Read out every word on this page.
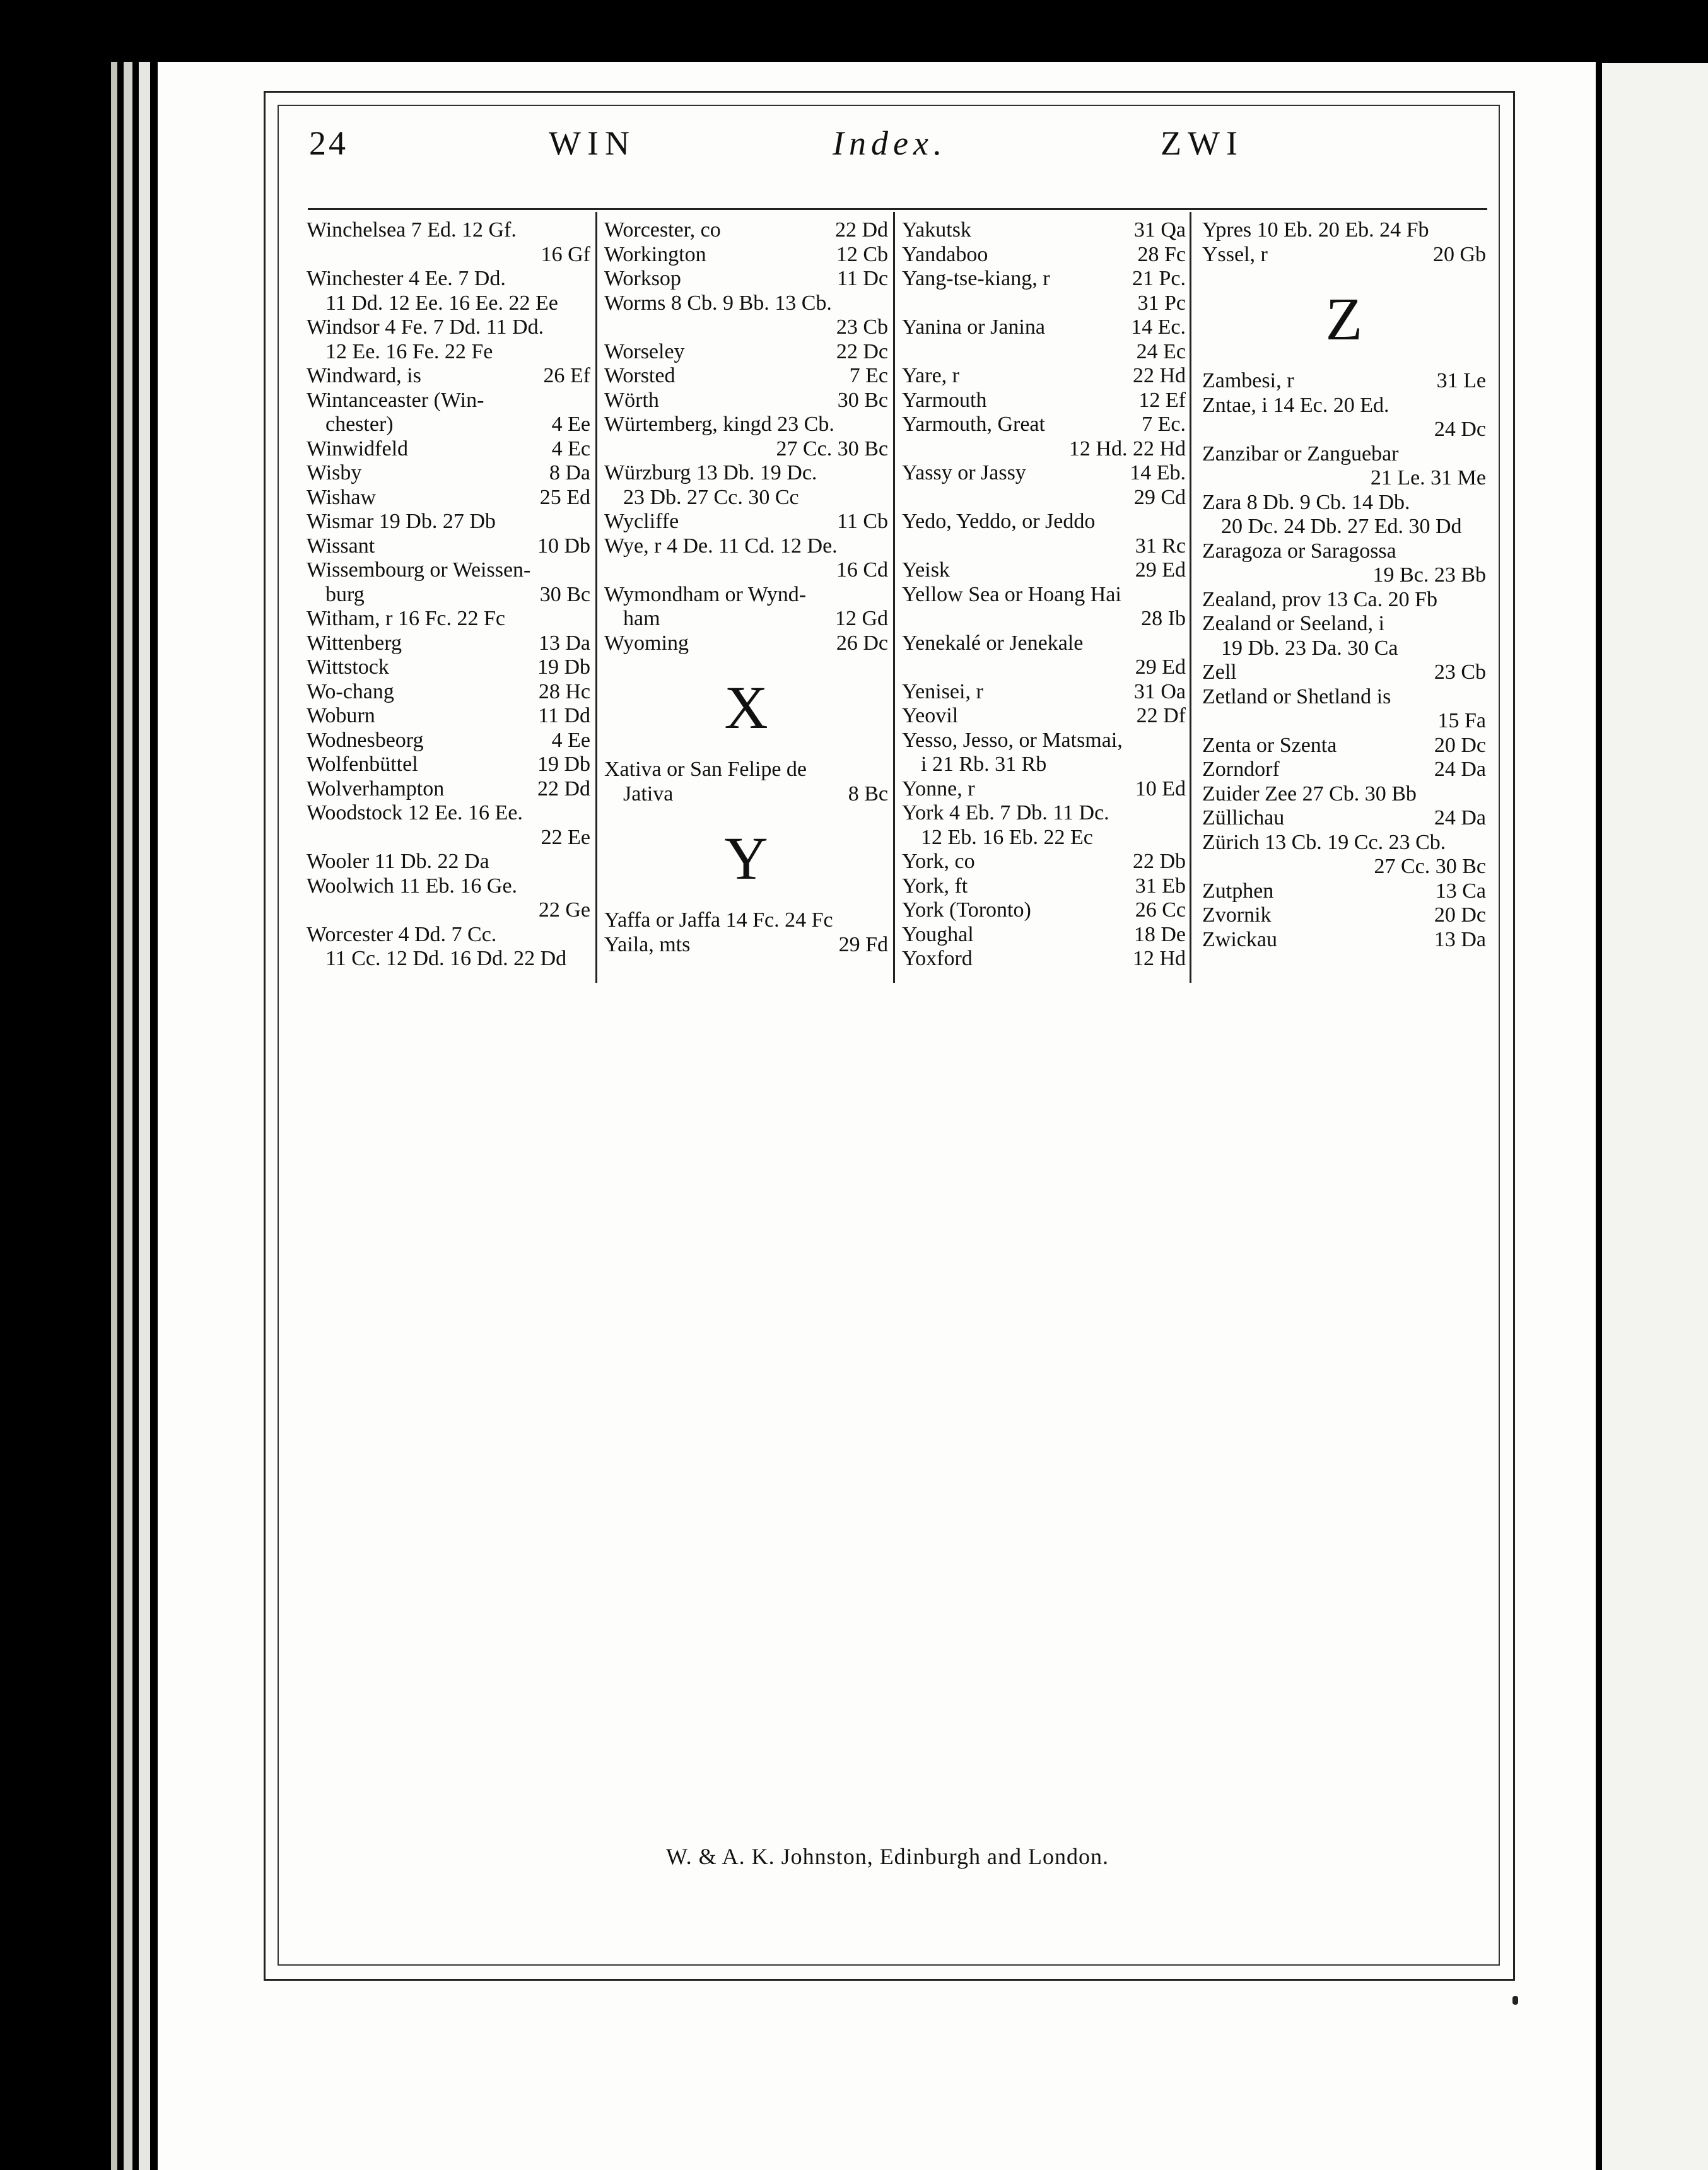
24	WIN	Index.	ZWI
Winchelsea 7 Ed. 12 Gf.
16 Gf
Winchester 4 Ee. 7 Dd.
11 Dd. 12 Ee. 16 Ee. 22 Ee
Windsor 4 Fe. 7 Dd. 11 Dd.
12 Ee. 16 Fe. 22 Fe
Windward, is	26 Ef
Wintanceaster (Win-
chester)	4 Ee
Winwidfeld	4 Ec
Wisby	8 Da
Wishaw	25 Ed
Wismar 19 Db. 27 Db
Wissant	10 Db
Wissembourg or Weissen-
burg	30 Bc
Witham, r 16 Fc. 22 Fc
Wittenberg	13 Da
Wittstock	19 Db
Wo-chang	28 Hc
Woburn	11 Dd
Wodnesbeorg	4 Ee
Wolfenbüttel	19 Db
Wolverhampton	22 Dd
Woodstock 12 Ee. 16 Ee.
22 Ee
Wooler 11 Db. 22 Da
Woolwich 11 Eb. 16 Ge.
22 Ge
Worcester 4 Dd. 7 Cc.
11 Cc. 12 Dd. 16 Dd. 22 Dd
Worcester, co	22 Dd
Workington	12 Cb
Worksop	11 Dc
Worms 8 Cb. 9 Bb. 13 Cb.
23 Cb
Worseley	22 Dc
Worsted	7 Ec
Wörth	30 Bc
Würtemberg, kingd 23 Cb.
27 Cc. 30 Bc
Würzburg 13 Db. 19 Dc.
23 Db. 27 Cc. 30 Cc
Wycliffe	11 Cb
Wye, r 4 De. 11 Cd. 12 De.
16 Cd
Wymondham or Wynd-
ham	12 Gd
Wyoming	26 Dc
X
Xativa or San Felipe de
Jativa	8 Bc
Y
Yaffa or Jaffa 14 Fc. 24 Fc
Yaila, mts	29 Fd
Yakutsk	31 Qa
Yandaboo	28 Fc
Yang-tse-kiang, r	21 Pc.
31 Pc
Yanina or Janina	14 Ec.
24 Ec
Yare, r	22 Hd
Yarmouth	12 Ef
Yarmouth, Great	7 Ec.
12 Hd. 22 Hd
Yassy or Jassy	14 Eb.
29 Cd
Yedo, Yeddo, or Jeddo
31 Rc
Yeisk	29 Ed
Yellow Sea or Hoang Hai
28 Ib
Yenekalé or Jenekale
29 Ed
Yenisei, r	31 Oa
Yeovil	22 Df
Yesso, Jesso, or Matsmai,
i 21 Rb. 31 Rb
Yonne, r	10 Ed
York 4 Eb. 7 Db. 11 Dc.
12 Eb. 16 Eb. 22 Ec
York, co	22 Db
York, ft	31 Eb
York (Toronto)	26 Cc
Youghal	18 De
Yoxford	12 Hd
Ypres 10 Eb. 20 Eb. 24 Fb
Yssel, r	20 Gb
Z
Zambesi, r	31 Le
Zntae, i 14 Ec. 20 Ed.
24 Dc
Zanzibar or Zanguebar
21 Le. 31 Me
Zara 8 Db. 9 Cb. 14 Db.
20 Dc. 24 Db. 27 Ed. 30 Dd
Zaragoza or Saragossa
19 Bc. 23 Bb
Zealand, prov 13 Ca. 20 Fb
Zealand or Seeland, i
19 Db. 23 Da. 30 Ca
Zell	23 Cb
Zetland or Shetland is
15 Fa
Zenta or Szenta	20 Dc
Zorndorf	24 Da
Zuider Zee 27 Cb. 30 Bb
Züllichau	24 Da
Zürich 13 Cb. 19 Cc. 23 Cb.
27 Cc. 30 Bc
Zutphen	13 Ca
Zvornik	20 Dc
Zwickau	13 Da
W. & A. K. Johnston, Edinburgh and London.
